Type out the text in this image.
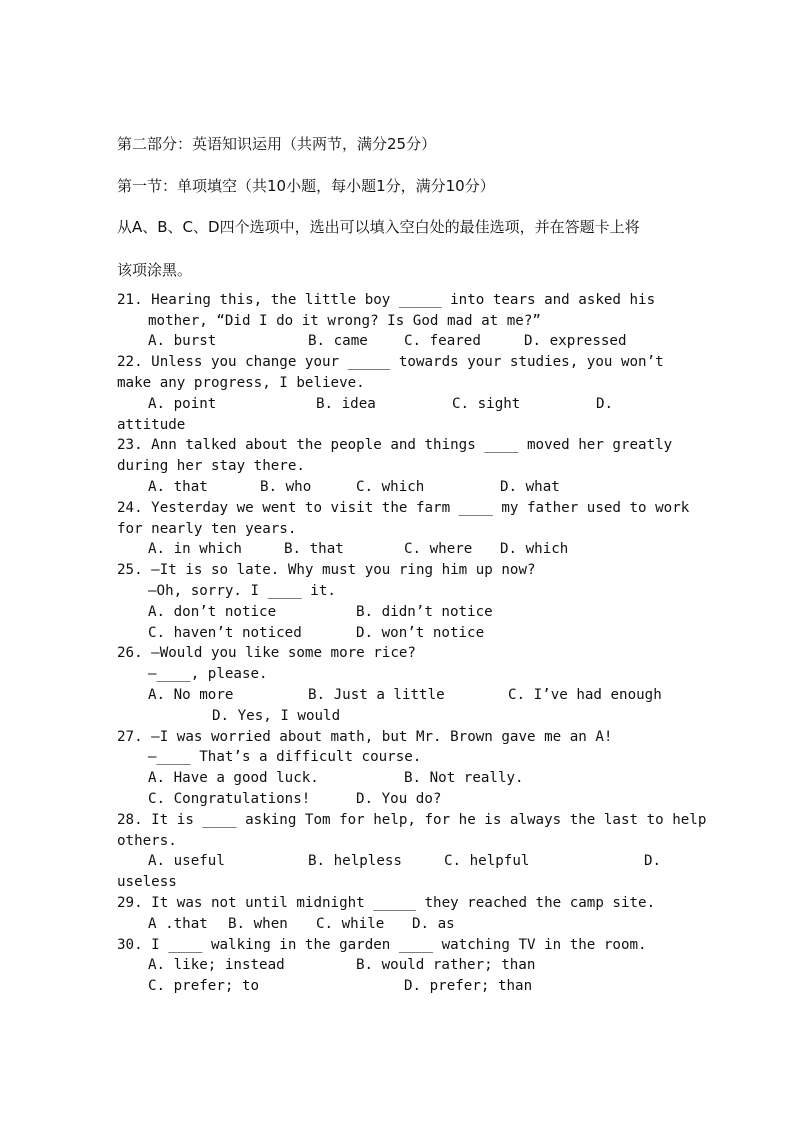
第二部分：英语知识运用（共两节，满分25分）
第一节：单项填空（共10小题，每小题1分，满分10分）
从A、B、C、D四个选项中，选出可以填入空白处的最佳选项，并在答题卡上将
该项涂黑。
21. Hearing this, the little boy _____ into tears and asked his
mother, “Did I do it wrong? Is God mad at me?”
A. burst	B. came	C. feared	D. expressed
22. Unless you change your _____ towards your studies, you won’t
make any progress, I believe.
A. point	B. idea	C. sight	D.
attitude
23. Ann talked about the people and things ____ moved her greatly
during her stay there.
A. that	B. who	C. which	D. what
24. Yesterday we went to visit the farm ____ my father used to work
for nearly ten years.
A. in which	B. that	C. where D. which
25. —It is so late. Why must you ring him up now?
—Oh, sorry. I ____ it.
A. don’t notice	B. didn’t notice
C. haven’t noticed	D. won’t notice
26. —Would you like some more rice?
—____, please.
A. No more	B. Just a little	C. I’ve had enough
D. Yes, I would
27. —I was worried about math, but Mr. Brown gave me an A!
—____ That’s a difficult course.
A. Have a good luck.	B. Not really.
C. Congratulations!	D. You do?
28. It is ____ asking Tom for help, for he is always the last to help
others.
A. useful	B. helpless	C. helpful	D.
useless
29. It was not until midnight _____ they reached the camp site.
A .that B. when C. while D. as
30. I ____ walking in the garden ____ watching TV in the room.
A. like; instead	B. would rather; than
C. prefer; to	D. prefer; than
